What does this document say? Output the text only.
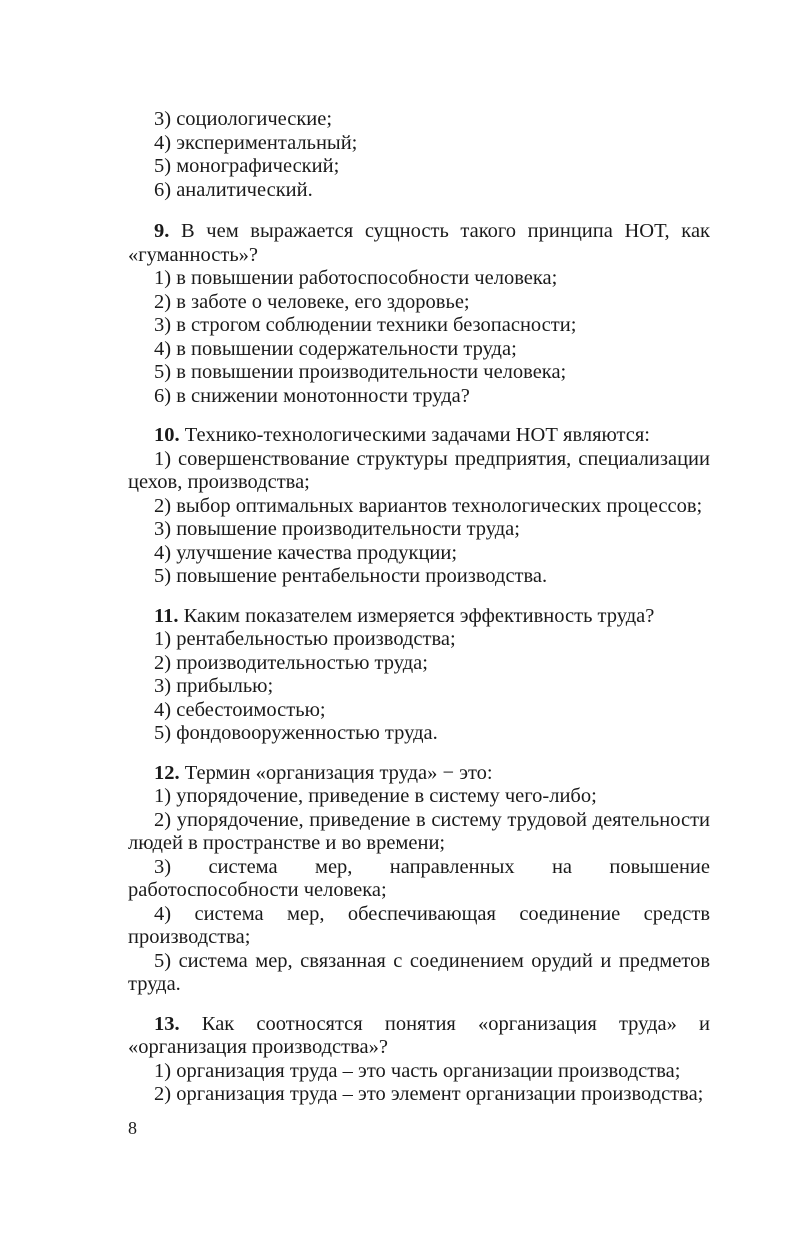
3) социологические;

4) экспериментальный;

5) монографический;

6) аналитический.

9. В чем выражается сущность такого принципа НОТ, как «гуманность»?

1) в повышении работоспособности человека;

2) в заботе о человеке, его здоровье;

3) в строгом соблюдении техники безопасности;

4) в повышении содержательности труда;

5) в повышении производительности человека;

6) в снижении монотонности труда?

10. Технико-технологическими задачами НОТ являются:

1) совершенствование структуры предприятия, специализации цехов, производства;

2) выбор оптимальных вариантов технологических процессов;

3) повышение производительности труда;

4) улучшение качества продукции;

5) повышение рентабельности производства.

11. Каким показателем измеряется эффективность труда?

1) рентабельностью производства;

2) производительностью труда;

3) прибылью;

4) себестоимостью;

5) фондовооруженностью труда.

12. Термин «организация труда» − это:

1) упорядочение, приведение в систему чего-либо;

2) упорядочение, приведение в систему трудовой деятельности людей в пространстве и во времени;

3) система мер, направленных на повышение работоспособности человека;

4) система мер, обеспечивающая соединение средств производства;

5) система мер, связанная с соединением орудий и предметов труда.

13. Как соотносятся понятия «организация труда» и «организация производства»?

1) организация труда – это часть организации производства;

2) организация труда – это элемент организации производства;

8
